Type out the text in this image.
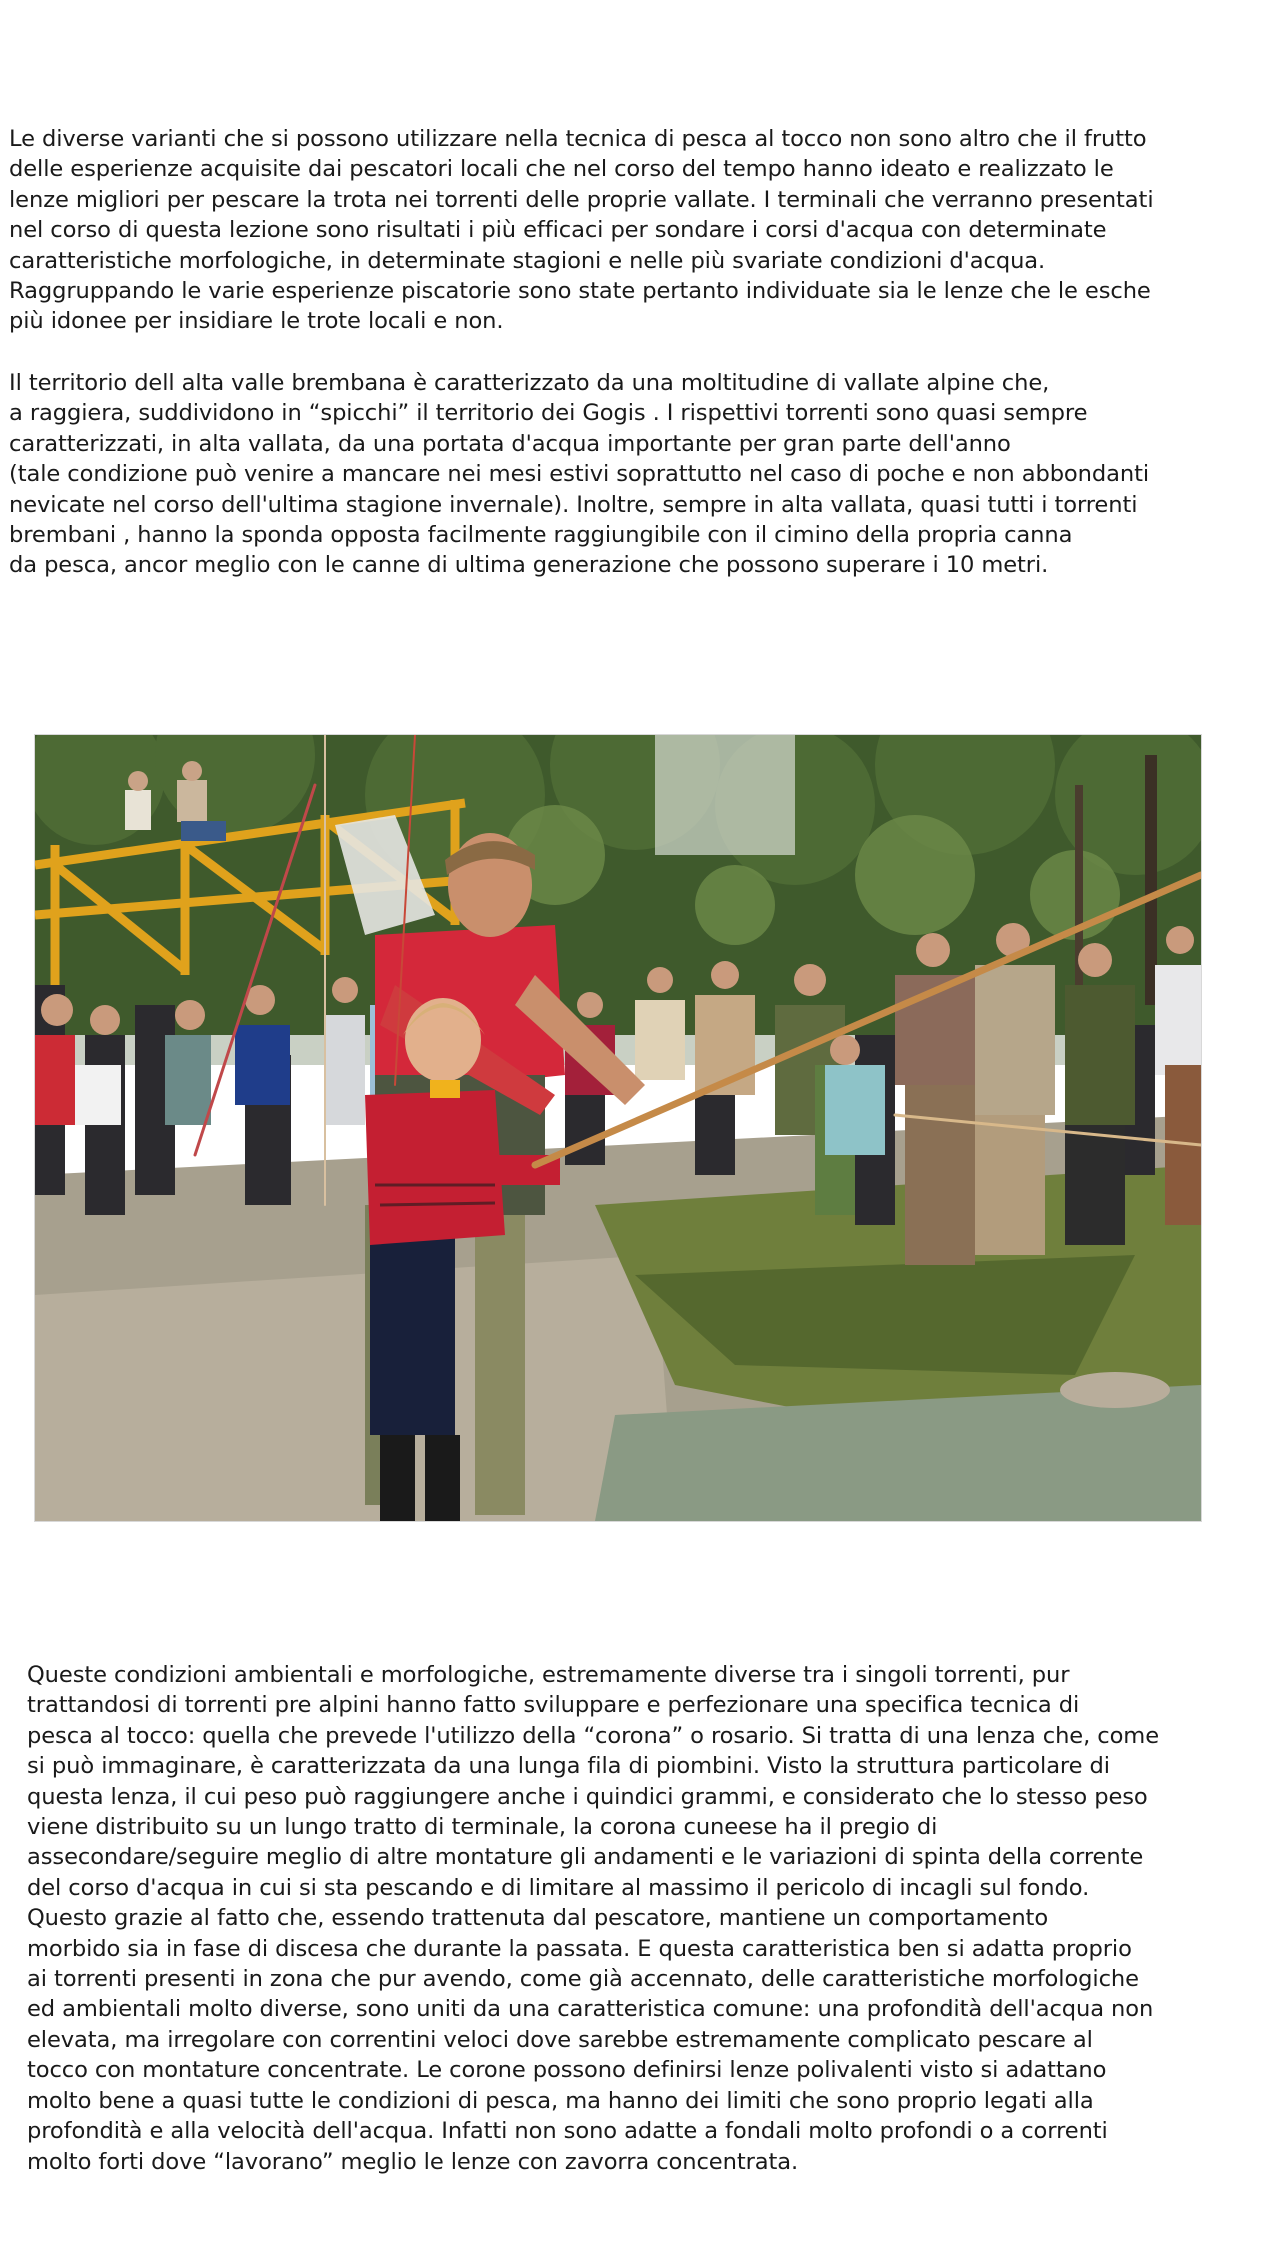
Le diverse varianti che si possono utilizzare nella tecnica di pesca al tocco non sono altro che il frutto
delle esperienze acquisite dai pescatori locali che nel corso del tempo hanno ideato e realizzato le
lenze migliori per pescare la trota nei torrenti delle proprie vallate. I terminali che verranno presentati
nel corso di questa lezione sono risultati i più efficaci per sondare i corsi d'acqua con determinate
caratteristiche morfologiche, in determinate stagioni e nelle più svariate condizioni d'acqua.
Raggruppando le varie esperienze piscatorie sono state pertanto individuate sia le lenze che le esche
più idonee per insidiare le trote locali e non.
Il territorio dell alta valle brembana è caratterizzato da una moltitudine di vallate alpine che,
a raggiera, suddividono in “spicchi” il territorio dei Gogis . I rispettivi torrenti sono quasi sempre
caratterizzati, in alta vallata, da una portata d'acqua importante per gran parte dell'anno
(tale condizione può venire a mancare nei mesi estivi soprattutto nel caso di poche e non abbondanti
nevicate nel corso dell'ultima stagione invernale). Inoltre, sempre in alta vallata, quasi tutti i torrenti
brembani , hanno la sponda opposta facilmente raggiungibile con il cimino della propria canna
da pesca, ancor meglio con le canne di ultima generazione che possono superare i 10 metri.
Queste condizioni ambientali e morfologiche, estremamente diverse tra i singoli torrenti, pur
trattandosi di torrenti pre alpini hanno fatto sviluppare e perfezionare una specifica tecnica di
pesca al tocco: quella che prevede l'utilizzo della “corona” o rosario. Si tratta di una lenza che, come
si può immaginare, è caratterizzata da una lunga fila di piombini. Visto la struttura particolare di
questa lenza, il cui peso può raggiungere anche i quindici grammi, e considerato che lo stesso peso
viene distribuito su un lungo tratto di terminale, la corona cuneese ha il pregio di
assecondare/seguire meglio di altre montature gli andamenti e le variazioni di spinta della corrente
del corso d'acqua in cui si sta pescando e di limitare al massimo il pericolo di incagli sul fondo.
Questo grazie al fatto che, essendo trattenuta dal pescatore, mantiene un comportamento
morbido sia in fase di discesa che durante la passata. E questa caratteristica ben si adatta proprio
ai torrenti presenti in zona che pur avendo, come già accennato, delle caratteristiche morfologiche
ed ambientali molto diverse, sono uniti da una caratteristica comune: una profondità dell'acqua non
elevata, ma irregolare con correntini veloci dove sarebbe estremamente complicato pescare al
tocco con montature concentrate. Le corone possono definirsi lenze polivalenti visto si adattano
molto bene a quasi tutte le condizioni di pesca, ma hanno dei limiti che sono proprio legati alla
profondità e alla velocità dell'acqua. Infatti non sono adatte a fondali molto profondi o a correnti
molto forti dove “lavorano” meglio le lenze con zavorra concentrata.
